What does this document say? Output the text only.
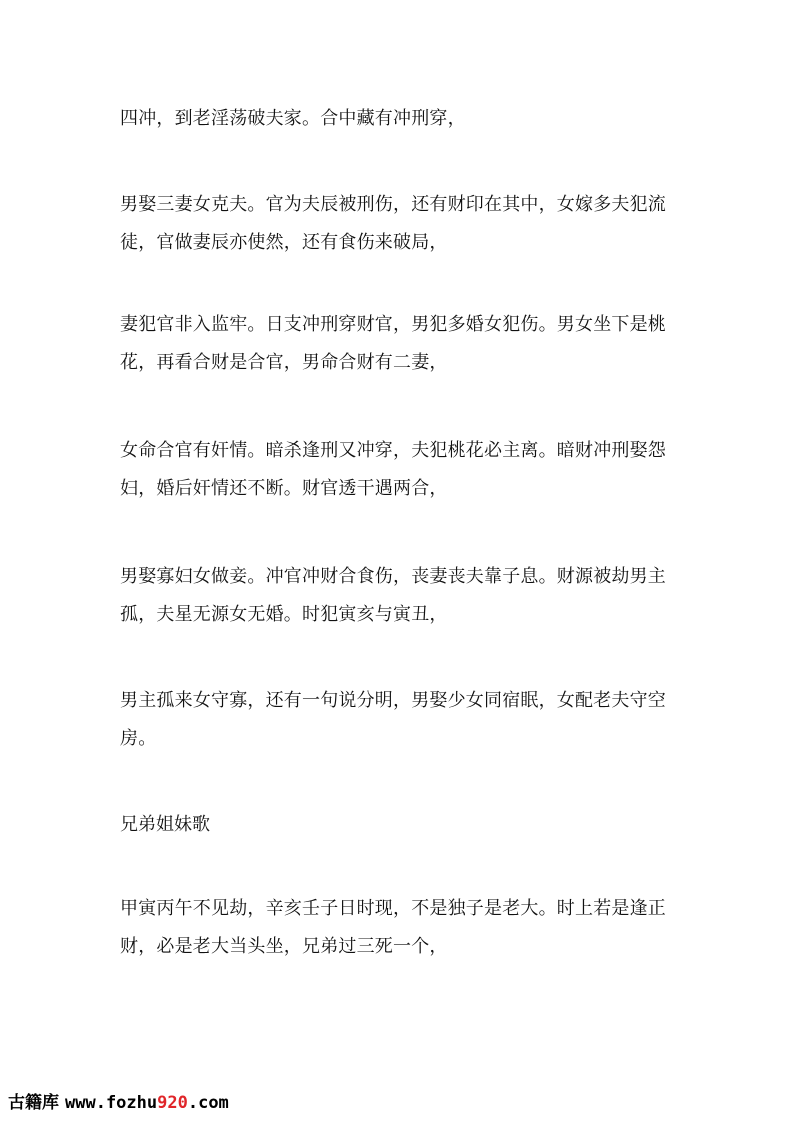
四冲，到老淫荡破夫家。合中藏有冲刑穿，

男娶三妻女克夫。官为夫辰被刑伤，还有财印在其中，女嫁多夫犯流徒，官做妻辰亦使然，还有食伤来破局，

妻犯官非入监牢。日支冲刑穿财官，男犯多婚女犯伤。男女坐下是桃花，再看合财是合官，男命合财有二妻，

女命合官有奸情。暗杀逢刑又冲穿，夫犯桃花必主离。暗财冲刑娶怨妇，婚后奸情还不断。财官透干遇两合，

男娶寡妇女做妾。冲官冲财合食伤，丧妻丧夫靠子息。财源被劫男主孤，夫星无源女无婚。时犯寅亥与寅丑，

男主孤来女守寡，还有一句说分明，男娶少女同宿眠，女配老夫守空房。

兄弟姐妹歌

甲寅丙午不见劫，辛亥壬子日时现，不是独子是老大。时上若是逢正财，必是老大当头坐，兄弟过三死一个，

古籍库 www.fozhu920.com
